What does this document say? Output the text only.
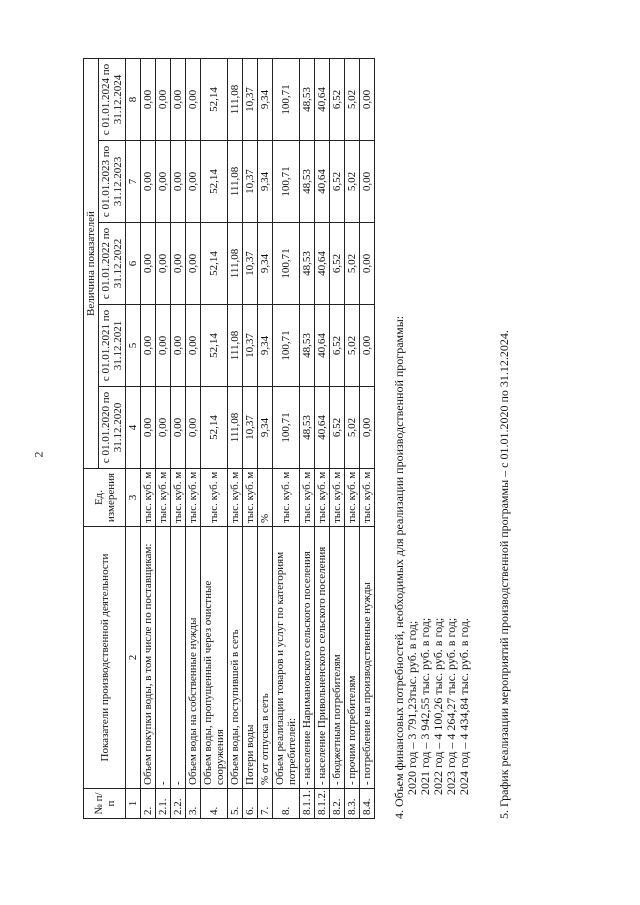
2
№ п/п	Показатели производственной деятельности	Ед. измерения	Величина показателей				
			с 01.01.2020 по 31.12.2020	с 01.01.2021 по 31.12.2021	с 01.01.2022 по 31.12.2022	с 01.01.2023 по 31.12.2023	с 01.01.2024 по 31.12.2024
1	2	3	4	5	6	7	8
2.	Объем покупки воды, в том числе по поставщикам:	тыс. куб. м	0,00	0,00	0,00	0,00	0,00
2.1.	-	тыс. куб. м	0,00	0,00	0,00	0,00	0,00
2.2.	-	тыс. куб. м	0,00	0,00	0,00	0,00	0,00
3.	Объем воды на собственные нужды	тыс. куб. м	0,00	0,00	0,00	0,00	0,00
4.	Объем воды, пропущенный через очистные сооружения	тыс. куб. м	52,14	52,14	52,14	52,14	52,14
5.	Объем воды, поступившей в сеть	тыс. куб. м	111,08	111,08	111,08	111,08	111,08
6.	Потери воды	тыс. куб. м	10,37	10,37	10,37	10,37	10,37
7.	% от отпуска в сеть	%	9,34	9,34	9,34	9,34	9,34
8.	Объем реализации товаров и услуг по категориям потребителей:	тыс. куб. м	100,71	100,71	100,71	100,71	100,71
8.1.1.	- население Наримановского сельского поселения	тыс. куб. м	48,53	48,53	48,53	48,53	48,53
8.1.2.	- население Привольненского сельского поселения	тыс. куб. м	40,64	40,64	40,64	40,64	40,64
8.2.	- бюджетным потребителям	тыс. куб. м	6,52	6,52	6,52	6,52	6,52
8.3.	- прочим потребителям	тыс. куб. м	5,02	5,02	5,02	5,02	5,02
8.4.	- потребление на производственные нужды	тыс. куб. м	0,00	0,00	0,00	0,00	0,00
4. Объем финансовых потребностей, необходимых для реализации производственной программы: 2020 год – 3 791,23тыс. руб. в год; 2021 год – 3 942,55 тыс. руб. в год; 2022 год – 4 100,26 тыс. руб. в год; 2023 год – 4 264,27 тыс. руб. в год; 2024 год – 4 434,84 тыс. руб. в год. 5. График реализации мероприятий производственной программы – с 01.01.2020 по 31.12.2024.
